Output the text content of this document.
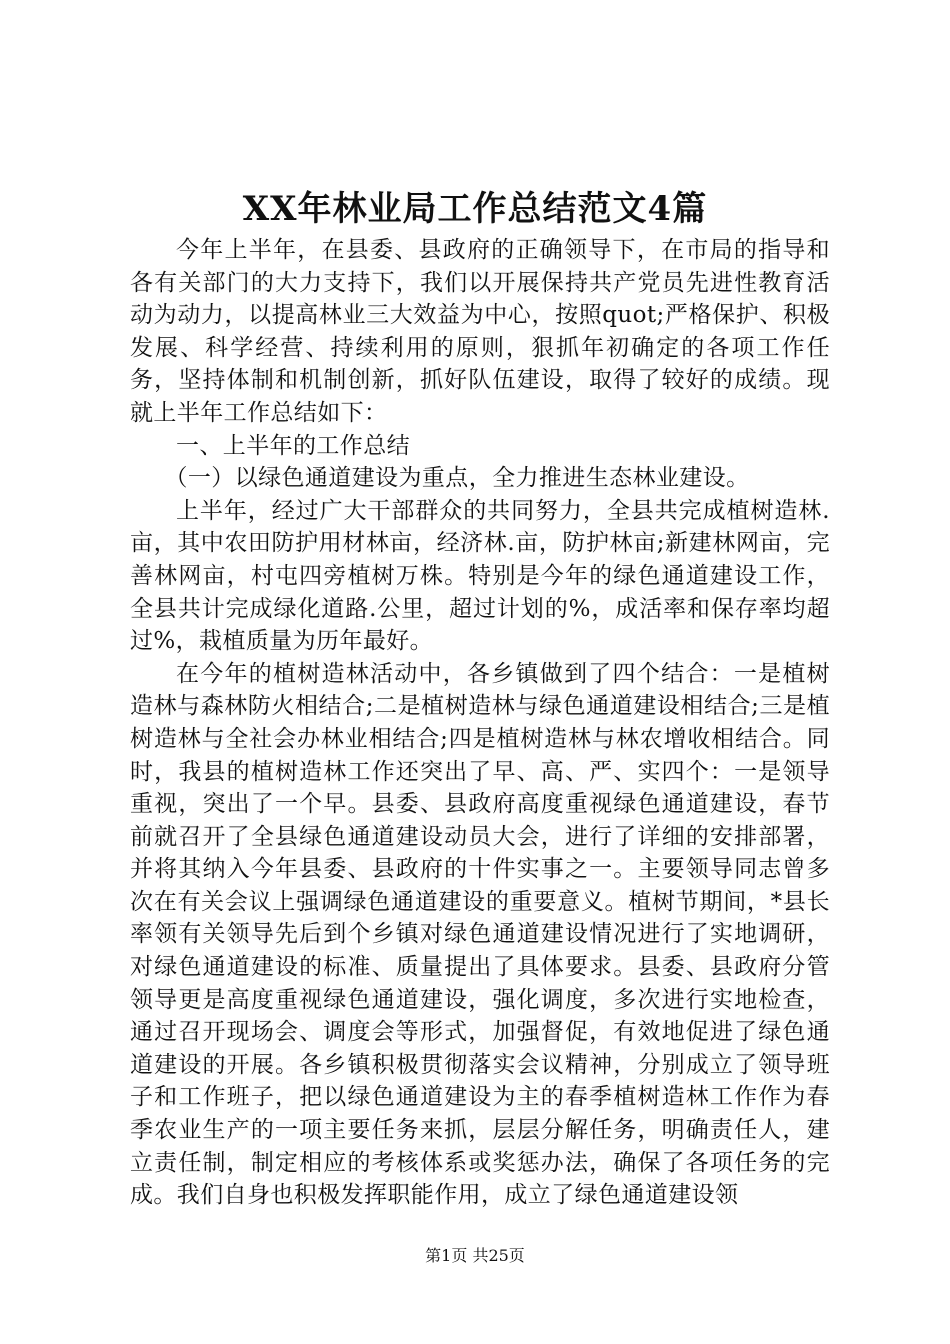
XX年林业局工作总结范文4篇

今年上半年，在县委、县政府的正确领导下，在市局的指导和各有关部门的大力支持下，我们以开展保持共产党员先进性教育活动为动力，以提高林业三大效益为中心，按照quot;严格保护、积极发展、科学经营、持续利用的原则，狠抓年初确定的各项工作任务，坚持体制和机制创新，抓好队伍建设，取得了较好的成绩。现就上半年工作总结如下：

一、上半年的工作总结

（一）以绿色通道建设为重点，全力推进生态林业建设。

上半年，经过广大干部群众的共同努力，全县共完成植树造林.亩，其中农田防护用材林亩，经济林.亩，防护林亩;新建林网亩，完善林网亩，村屯四旁植树万株。特别是今年的绿色通道建设工作，全县共计完成绿化道路.公里，超过计划的%，成活率和保存率均超过%，栽植质量为历年最好。

在今年的植树造林活动中，各乡镇做到了四个结合：一是植树造林与森林防火相结合;二是植树造林与绿色通道建设相结合;三是植树造林与全社会办林业相结合;四是植树造林与林农增收相结合。同时，我县的植树造林工作还突出了早、高、严、实四个：一是领导重视，突出了一个早。县委、县政府高度重视绿色通道建设，春节前就召开了全县绿色通道建设动员大会，进行了详细的安排部署，并将其纳入今年县委、县政府的十件实事之一。主要领导同志曾多次在有关会议上强调绿色通道建设的重要意义。植树节期间，*县长率领有关领导先后到个乡镇对绿色通道建设情况进行了实地调研，对绿色通道建设的标准、质量提出了具体要求。县委、县政府分管领导更是高度重视绿色通道建设，强化调度，多次进行实地检查，通过召开现场会、调度会等形式，加强督促，有效地促进了绿色通道建设的开展。各乡镇积极贯彻落实会议精神，分别成立了领导班子和工作班子，把以绿色通道建设为主的春季植树造林工作作为春季农业生产的一项主要任务来抓，层层分解任务，明确责任人，建立责任制，制定相应的考核体系或奖惩办法，确保了各项任务的完成。我们自身也积极发挥职能作用，成立了绿色通道建设领

第1页 共25页
